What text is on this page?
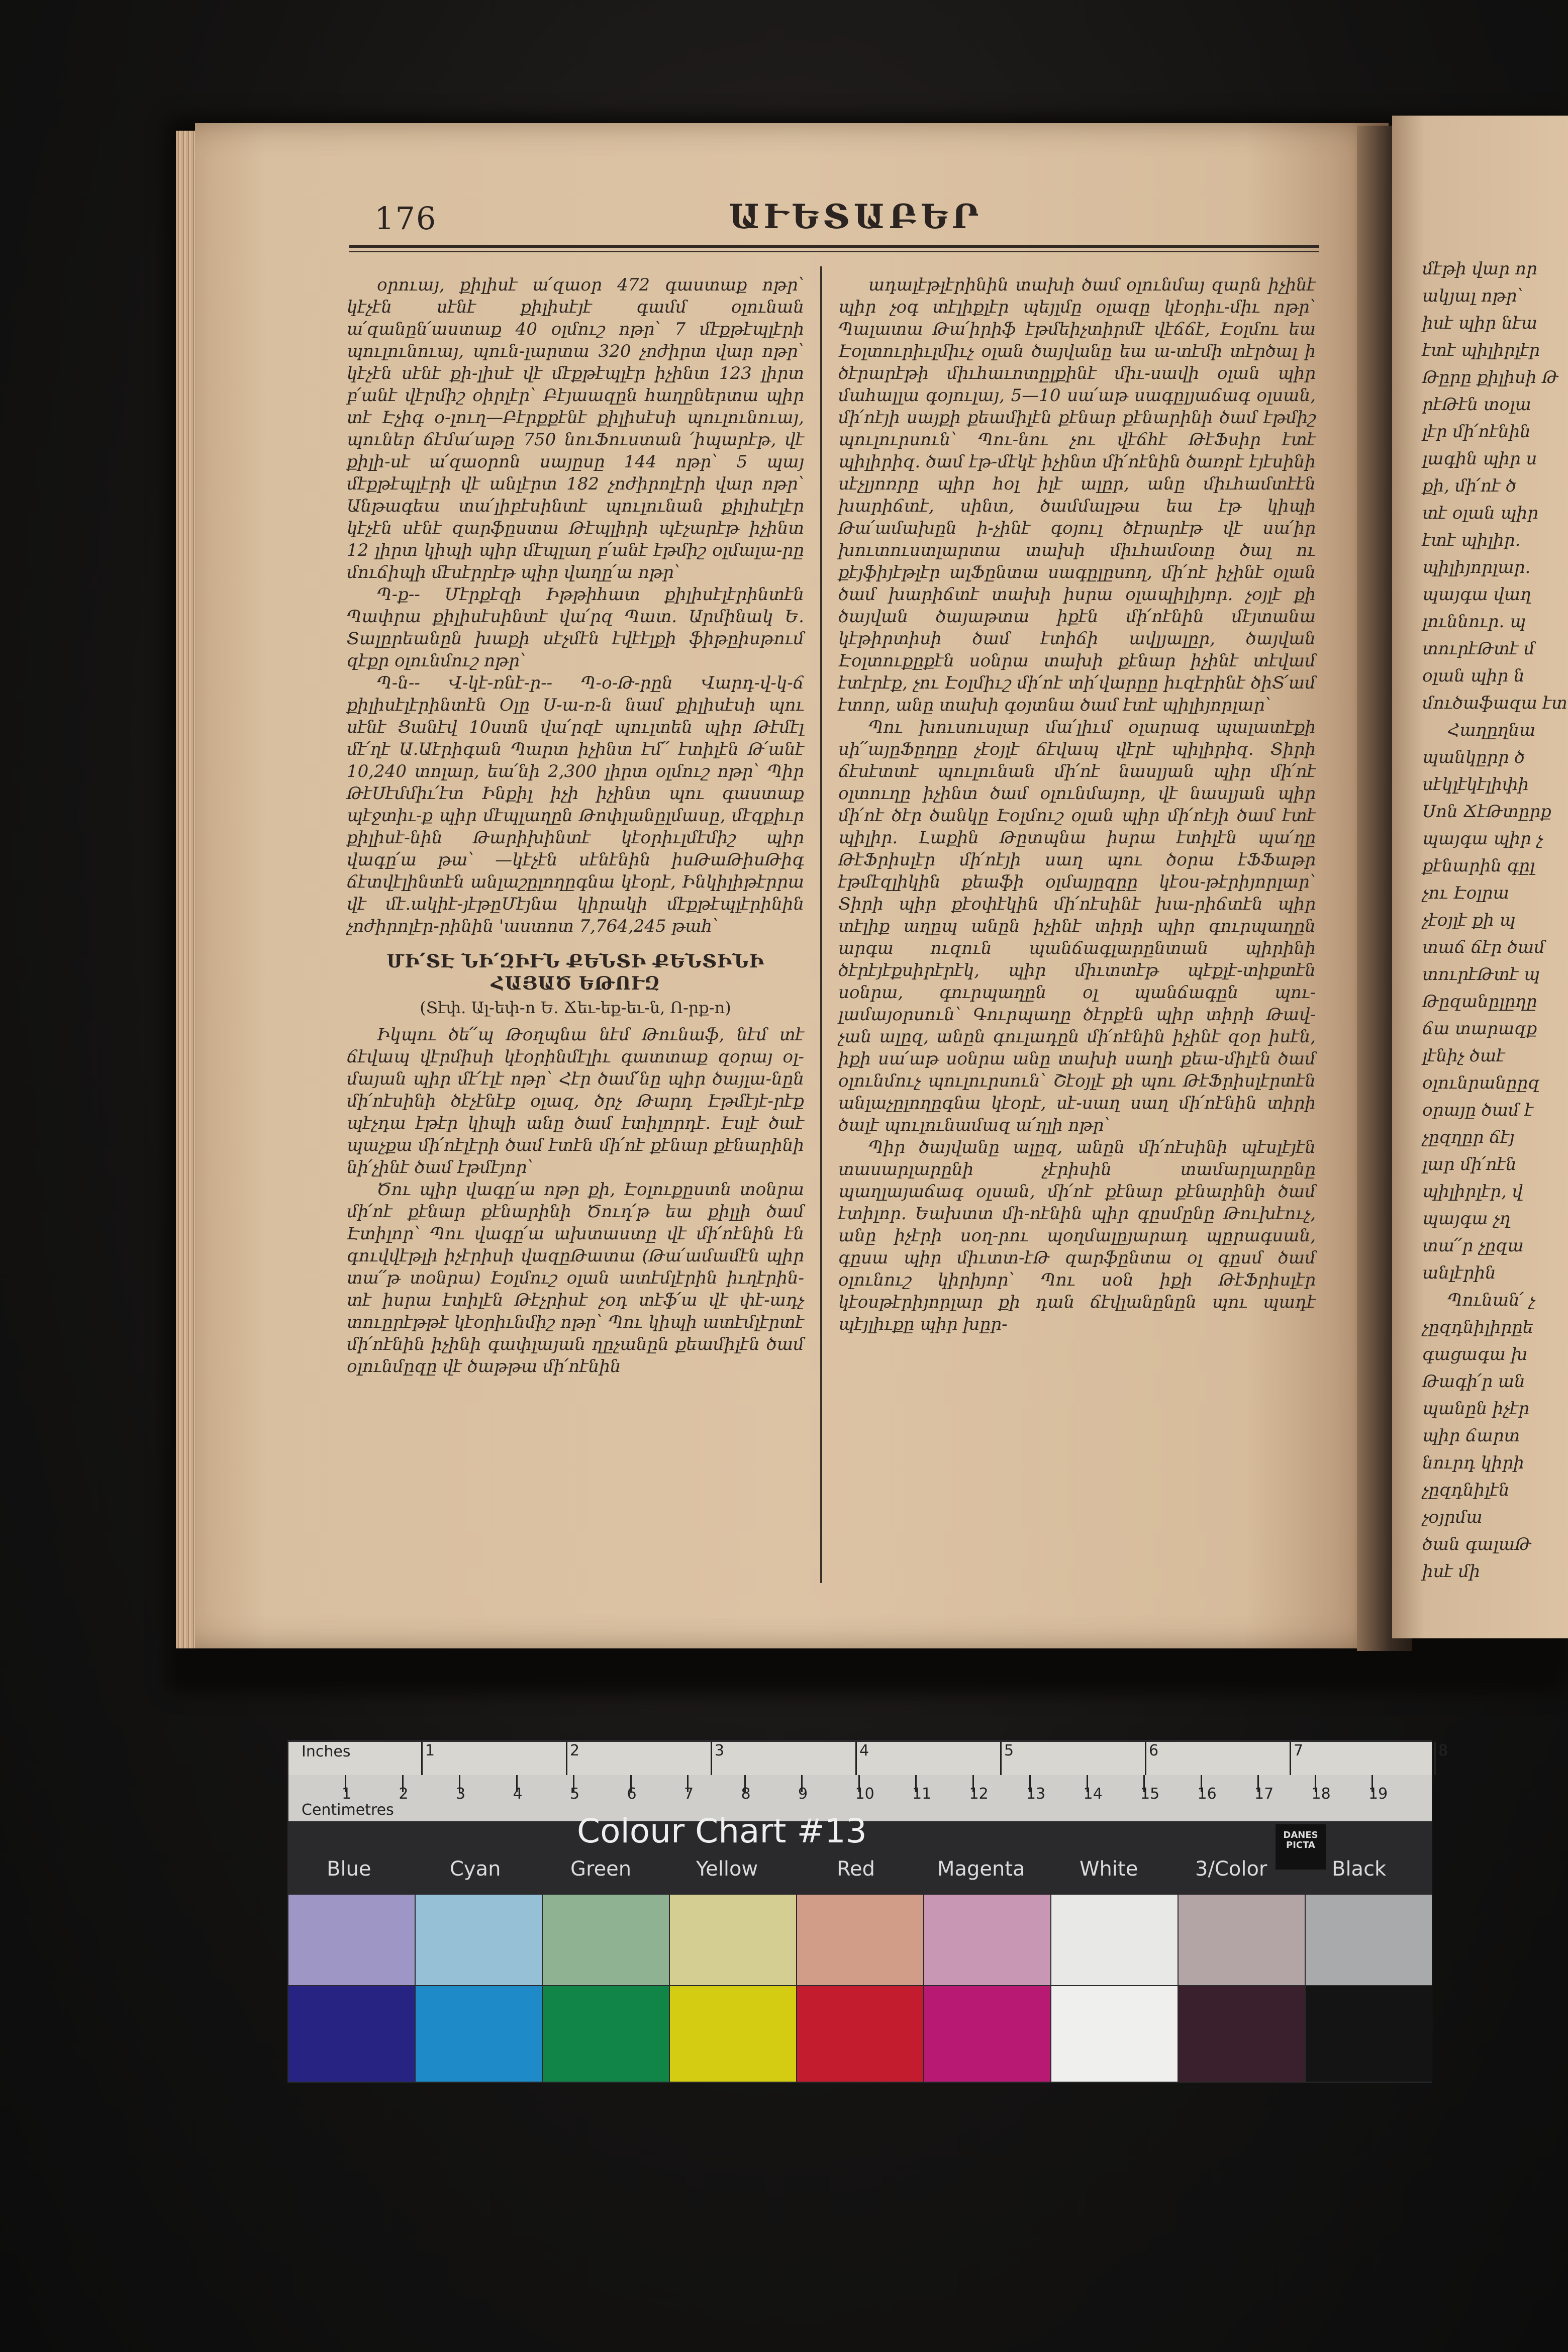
մէթի վար որ
ակյալ ոթր՝
իսէ պիր նէա
էտէ պիլիրլէր
Թըրը քիլիսի Թ
րէԹէն տօլա
լէր մի՛ոէնին
լագին պիր ս
քի, մի՛ոէ ծ
տէ օլան պիր
էտէ պիլիր.
պիլիյորլար.
պայգա վաղ
լուննուր. պ
տուրէԹտէ մ
օլան պիր ն
մուծաֆազա էտ
Հաղըղնա
պանկըրր ծ
սէկլէկէլիփի
Սոն ՃէԹտըրք
պայգա պիր չ
քէնարին գըլ
չու Էօլրա
չէօյլէ քի պ
տաճ ճէր ծամ
տուրէԹտէ պ
Թըզանըլըղը
ճա տարազք
լէնիչ ծաէ
օլունրանըըզ
օրայը ծամ է
չըզղըր ճէյ
լար մի՛ոէն
պիլիրլէր, վ
պայգա չղ
տա՛՛ր չըզա
անլէրին
Պունան՛ չ
չըզդնիլիրըե
գացագա խ
Թագի՛ր ան
պանըն իչէր
պիր ճարտ
նուրդ կիրի
չըզդնիլէն
չօյրմա
ծան գալաԹ
իսէ մի
176	ԱՒԵՏԱԲԵՐ

օրուայ, քիլիսէ ա՛զաօր 472 գաստաք ոթր՝ կէչէն սէնէ քիլիսէյէ գամմ օլունան ա՛զանըն՛աստաք 40 օլմուշ ոթր՝ 7 մէքթէպլէրի պուլունուայ, պուն-լարտա 320 չոժիրտ վար ոթր՝ կէչէն սէնէ քի-լիսէ վէ մէքթէպլէր իչինտ 123 լիրտ բ՛անէ վէրմիշ օիրլէր՝ Բէյաազըն հաղըներտա պիր տէ Էչիգ օ-լուղ—Բէրքքէնէ քիլիսէսի պուլունուայ, պուներ ճէմա՛աթը 750 նուՖուստան ՛իպարէթ, վէ քիլի-սէ ա՛զաօրոն սայըսը 144 ոթր՝ 5 պայ մէքթէպլէրի վէ անլէրտ 182 չոժիրոլէրի վար ոթր՝ Անթագեա տա՛լիբէսինտէ պուլունան քիլիսէլէր կէչէն սէնէ զարֆըստա Թէպլիրի պէչարէթ իչինտ 12 լիրտ կիպի պիր մէպլաղ բ՛անէ էթմիշ օլմալա-րը մուճիպի մէսէրրէթ պիր վաղը՛ա ոթր՝

Պ-ք-- Մէրքէզի Իթթիհատ քիլիսէլէրինտէն Պափրա քիլիսէսինտէ վա՛րզ Պատ. Արմինակ Ե. Տալըրեանըն խաքի սէչմէն էվէէլքի ֆիթըիսթում զէքր օլունմուշ ոթր՝

Պ-ն-- Վ-կէ-ռնէ-ր-- Պ-օ-Թ-րըն Վարդ-վ-կ-ճ քիլիսէլէրինտէն Օլը Ս-ա-ռ-ն նամ քիլիսէսի պու սէնէ Ցանէվ 10ստն վա՛րզէ պուլտեն պիր Թէմէլ մէ՛ղէ Ա.Աէրիգան Պարտ իչինտ էմ՛՛ էտիլէն Թ՛անէ 10,240 տոլար, եա՛նի 2,300 լիրտ օլմուշ ոթր՝ Պիր ԹէՍէմմիւ՛էտ Ինքիլ իչի իչինտ պու գաստաք պէջտիւ-ք պիր մէպլաղըն Թոփլանըլմասը, մէզքիւր քիլիսէ-նին Թարիխինտէ կէօրիւլմէմիշ պիր վագը՛ա թա՝ —կէչէն սէնէնին իսԹաԹիսԹիգ ճէտվէլինտէն անլաշըլողըգնա կէօրէ, Ինկիլիթէրրա վէ մէ.ակիէ-յէթըՄէյնա կիրակի մէքթէպլէրինին չոժիրոլէր-րինին 'աստոտ 7,764,245 թահ՝

ՄԻ՛ՏԷ ՆԻ՛ԶԻՒՆ ՔԵՆՏԻ ՔԵՆՏԻՆԻ ՀԱՅԱԾ ԵԹՈՒԶ
(Տէփ. Ալ-եփ-ո Ե. Ճեւ-եք-եւ-ն, Ո-րք-ո)

Իկպու ծե՛՛պ Թօղպնա նէմ Թունաֆ, նէմ տէ ճէվապ վէրմիսի կէօրինմէլիւ գատտաք զօրայ օլ-մայան պիր մէ՛էլէ ոթր՝ Հէր ծամ՛նը պիր ծայլա-նըն մի՛ոէսինի ծէչէնէք օլազ, ծրչ Թարդ Էթմէյէ-րէք պէչդա էթէր կիպի անը ծամ էտիլորդէ. Էսլէ ծաէ պաչքա մի՛ոէլէրի ծամ էտէն մի՛ոէ քէնար քէնարինի նի՛չինէ ծամ էթմէյոր՝

Ծու պիր վագը՛ա ոթր քի, Էօլուքըստն տօնրա մի՛ոէ քէնար քէնարինի Ծուդ՛թ եա քիլլի ծամ Էտիլոր՝ Պու վագը՛ա ախտաստը վէ մի՛ոէնին էն գուվվէթլի իչէրիսի վազըԹատա (Թա՛ամամէն պիր տա՛՛թ տօնրա) Էօլմուշ օլան ատէմլէրին իւղէրին-տէ իսրա էտիլէն Թէչրիսէ չօդ տէֆ՛ա վէ փէ-ադչ տուըրէթթէ կէօրիւնմիշ ոթր՝ Պու կիպի ատէմլէրտէ մի՛ոէնին իչինի գափլայան ղըչանըն քեամիլէն ծամ օլունմըզը վէ ծաթթա մի՛ոէնին

ադալէթլէրինին տախի ծամ օլունմայ զարն իչինէ պիր չօգ տէլիքլէր պեյլմը օլազը կէօրիւ-միւ ոթր՝ Պալատա Թա՛իրիֆ էթմեիչտիրմէ վէճճէ, Էօլմու եա Էօլտուրիւլմիւչ օլան ծայվանը եա ա-տէմի տէրծալ ի ծէրարէթի միւհաւոտըլքինէ միւ-սավի օլան պիր մահալլա գօյուլայ, 5—10 սա՛աթ սագըլյաճագ օլսան, մի՛ոէյի սայքի քեամիլէն քէնար քէնարինի ծամ էթմիշ պուլուրսուն՝ Պու-նու չու վէճհէ ԹէՖսիր էտէ պիլիրիզ. ծամ էթ-մէկէ իչինտ մի՛ոէնին ծառրէ էյէսինի սէչլյոռրը պիր հօլ իլէ ալըր, անը միւհամտէէն խարիճտէ, սինտ, ծամմալթա եա էթ կիպի Թա՛ամախըն ի-չինէ գօյուլ ծէրարէթ վէ սա՛իր խուտուստլարտա տախի միւհամօտը ծալ ու քէյֆիյէթլէր ալՖընտա սագըլըսող, մի՛ոէ իչինէ օլան ծամ խարիճտէ տախի իսրա օլապիլիյոր. չօյլէ քի ծայվան ծայաթտա իքէն մի՛ոէնին մէյտանա կէթիրտիսի ծամ էտիճի ավլյալըր, ծայվան Էօլտուքըքէն սօնրա տախի քէնար իչինէ տէվամ էտէրէք, չու Էօլմիւշ մի՛ոէ տի՛վարըը իւզէրինէ ծիՏ՛ամ էտոր, անը տախի գօյտնա ծամ էտէ պիլիյորլար՝

Պու խուսուսլար մա՛լիւմ օլարագ պալատէքի սի՛՛այըՖըղըը չէօյլէ ճէվապ վէրէ պիլիրիզ. Տիրի ճէսէտտէ պուլունան մի՛ոէ նասլյան պիր մի՛ոէ օլտուղը իչինտ ծամ օլունմայոր, վէ նասլյան պիր մի՛ոէ ծէր ծանկը Էօլմուշ օլան պիր մի՛ոէյի ծամ էտէ պիլիր. Լաքին Թըտպնա իսրա էտիլէն պա՛ղը ԹէՖրիսլէր մի՛ոէյի սաղ պու ծօրա էՖՖաթր էթմէզլիկին քեաֆի օլմայըզըը կէօս-թէրիյորլար՝ Տիրի պիր քէօփէկին մի՛ոէսինէ խա-րիճտէն պիր տէլիք աղըպ անըն իչինէ տիրի պիր գուրպաղըն արգա ուզուն պանճագլարընտան պիրինի ծէրէյէքսիրէրէկ, պիր միւտտէթ պէքլէ-տիքտէն սօնրա, գուրպաղըն օլ պանճագըն պու-լամայօրսուն՝ Գուրպաղը ծէրքէն պիր տիրի Թավ-չան ալըզ, անըն գուլադըն մի՛ոէնին իչինէ զօր իսէն, իքի սա՛աթ սօնրա անը տախի սաղի քեա-միլէն ծամ օլունմուչ պուլուրսուն՝ Շէօյլէ քի պու ԹէՖրիսլէրտէն անլաչըլողըգնա կէօրէ, սէ-սաղ սաղ մի՛ոէնին տիրի ծալէ պուլունամազ ա՛ղլի ոթր՝

Պիր ծայվանը ալըզ, անըն մի՛ոէսինի պէսլէյէն տասարլարընի չէրիսին տամարլարընը պաղլայաճագ օլսան, մի՛ոէ քէնար քէնարինի ծամ էտիլոր. Եախտտ մի-ոէնին պիր գըսմընը Թուխէուչ, անը իչէրի սօղ-րու պօղմալըյարադ պըրագսան, գըսա պիր միւտտ-էԹ զարֆընտա օլ գըսմ ծամ օլունուշ կիրիյոր՝ Պու սօն իքի ԹէՖրիսլէր կէօսթէրիյորլար քի դան ճէվլանընըն պու պադէ պէյլիւքը պիր խըր-

Inches	1	2	3	4	5	6	7	8
Centimetres
1	2	3	4	5	6	7	8	9	10	11	12	13	14	15	16	17	18	19
Colour Chart #13	DANES PICTA
Blue	Cyan	Green	Yellow	Red	Magenta	White	3/Color	Black
